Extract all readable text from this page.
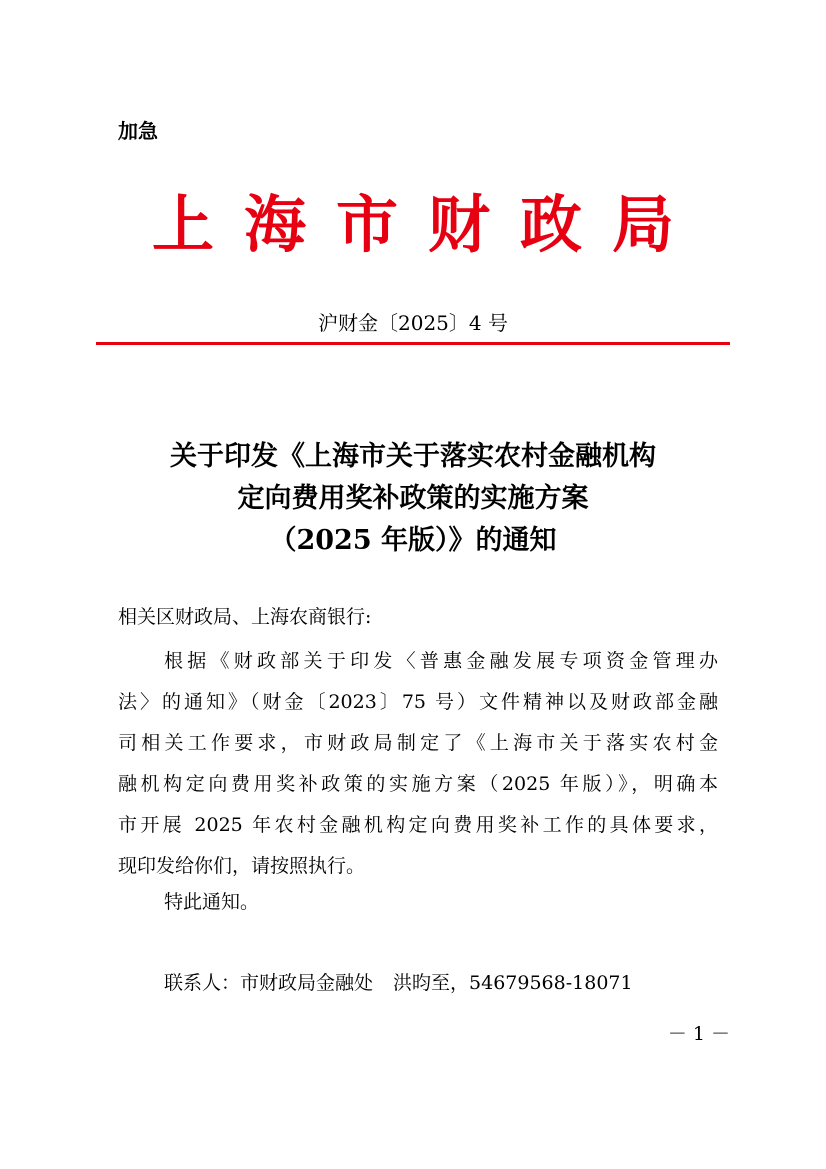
加急
上海市财政局
沪财金〔2025〕4 号
关于印发《上海市关于落实农村金融机构
定向费用奖补政策的实施方案
（2025 年版）》的通知
相关区财政局、上海农商银行:
根据《财政部关于印发〈普惠金融发展专项资金管理办
法〉的通知》（财金〔2023〕75 号）文件精神以及财政部金融
司相关工作要求，市财政局制定了《上海市关于落实农村金
融机构定向费用奖补政策的实施方案（2025 年版）》，明确本
市开展 2025 年农村金融机构定向费用奖补工作的具体要求，
现印发给你们，请按照执行。
特此通知。
联系人：市财政局金融处 洪昀至，54679568-18071
－ 1 －
